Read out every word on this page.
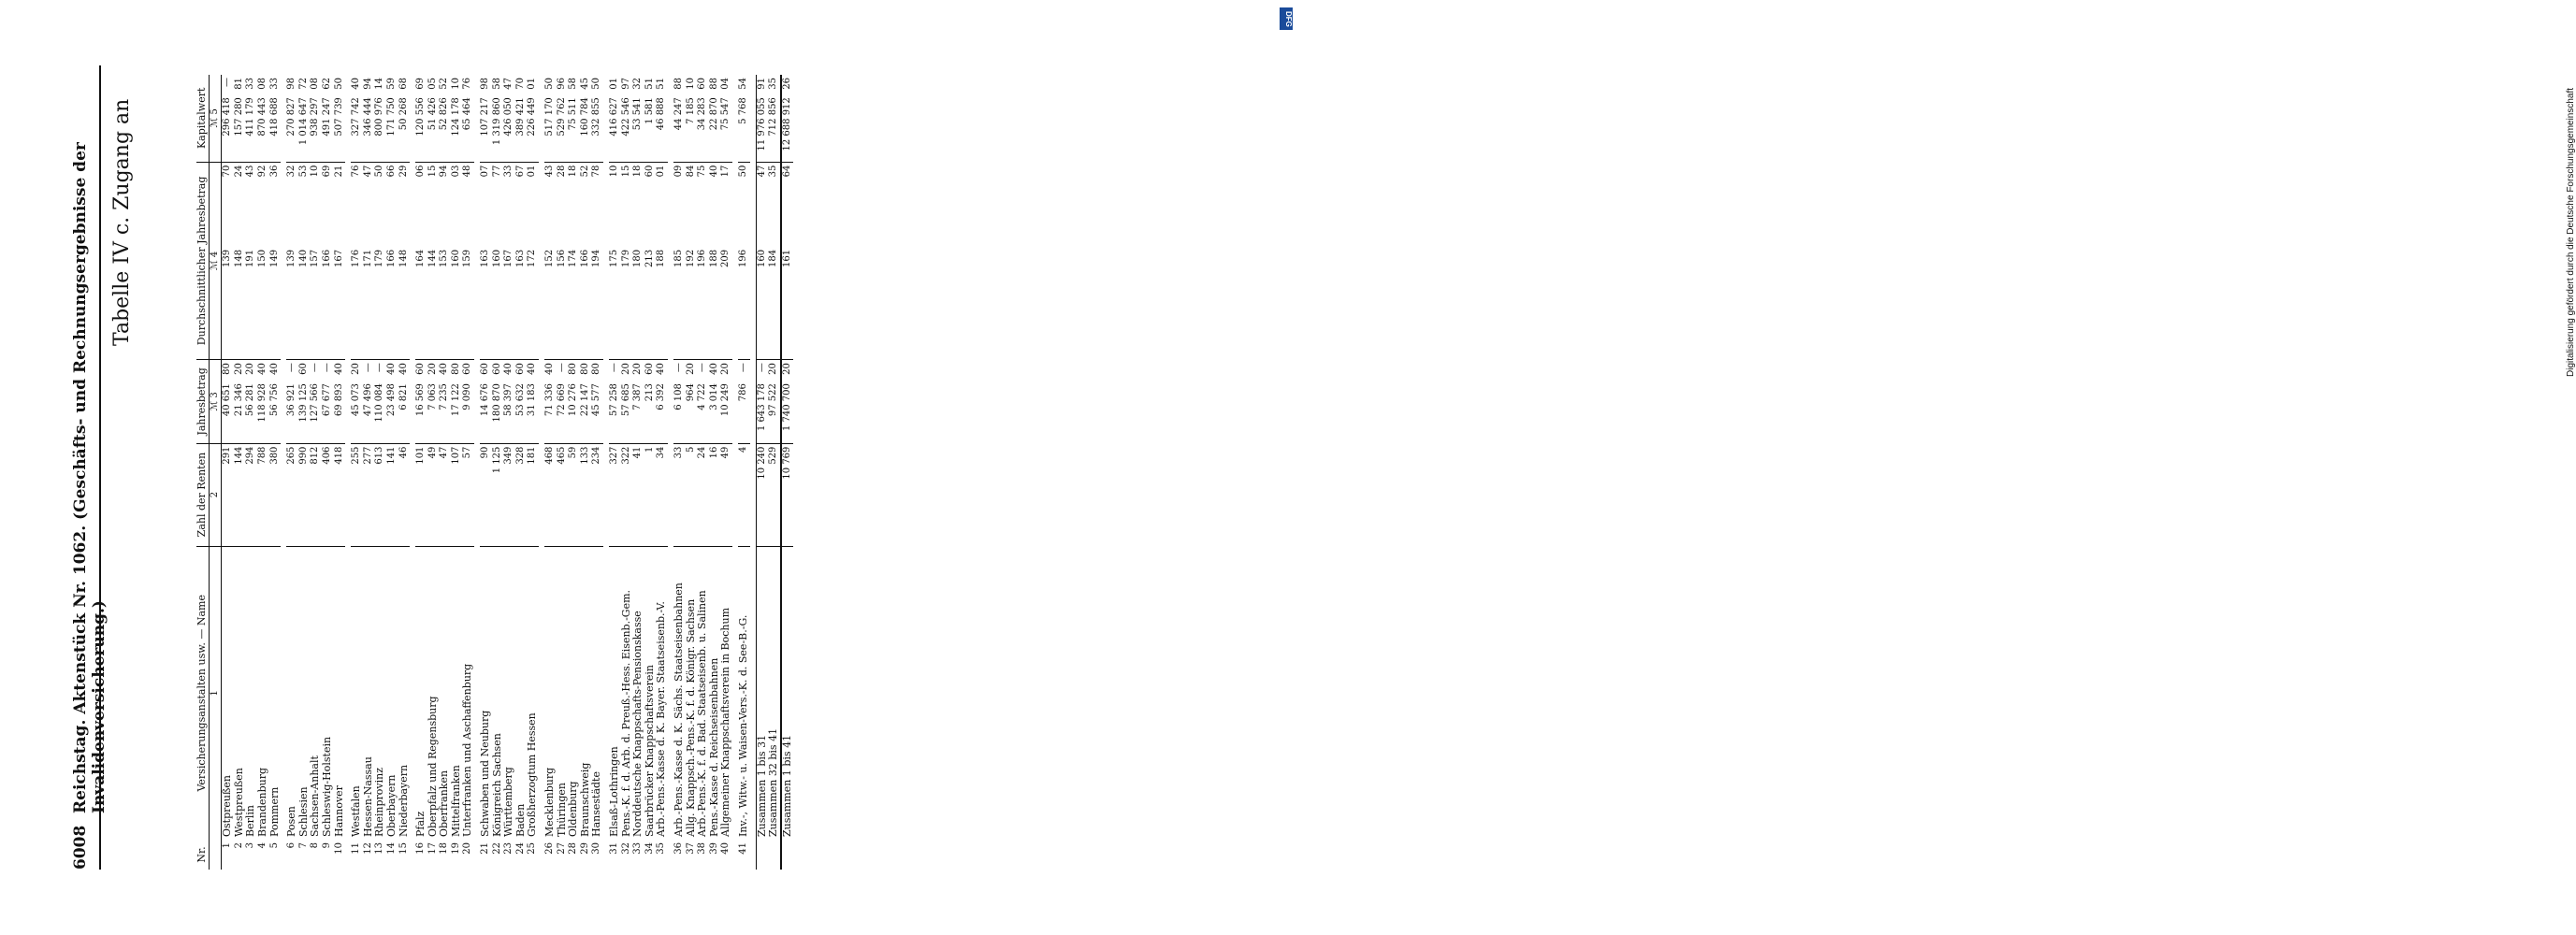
6008
Reichstag. Aktenstück Nr. 1062. (Geschäfts- und Rechnungsergebnisse der Invalidenversicherung.)
Tabelle IV c. Zugang an
Nr.	Versicherungsanstalten usw. — Name	Zahl der Renten	Jahresbetrag		Durchschnittlicher Jahresbetrag		Kapitalwert	
	1	2	ℳ 3		ℳ 4		ℳ 5	
1	Ostpreußen	291	40 651	80	139	70	296 418	—
2	Westpreußen	144	21 346	20	148	24	157 280	81
3	Berlin	294	56 281	20	191	43	411 179	33
4	Brandenburg	788	118 928	40	150	92	870 443	08
5	Pommern	380	56 756	40	149	36	418 688	33

6	Posen	265	36 921	—	139	32	270 827	98
7	Schlesien	990	139 125	60	140	53	1 014 647	72
8	Sachsen-Anhalt	812	127 566	—	157	10	938 297	08
9	Schleswig-Holstein	406	67 677	—	166	69	491 247	62
10	Hannover	418	69 893	40	167	21	507 739	50

11	Westfalen	255	45 073	20	176	76	327 742	40
12	Hessen-Nassau	277	47 496	—	171	47	346 444	94
13	Rheinprovinz	613	110 084	—	179	50	800 976	14
14	Oberbayern	141	23 498	40	166	66	171 750	59
15	Niederbayern	46	6 821	40	148	29	50 268	68

16	Pfalz	101	16 569	60	164	06	120 556	69
17	Oberpfalz und Regensburg	49	7 063	20	144	15	51 426	05
18	Oberfranken	47	7 235	40	153	94	52 826	52
19	Mittelfranken	107	17 122	80	160	03	124 178	10
20	Unterfranken und Aschaffenburg	57	9 090	60	159	48	65 464	76

21	Schwaben und Neuburg	90	14 676	60	163	07	107 217	98
22	Königreich Sachsen	1 125	180 870	60	160	77	1 319 860	58
23	Württemberg	349	58 397	40	167	33	426 050	47
24	Baden	328	53 632	60	163	67	389 421	70
25	Großherzogtum Hessen	181	31 183	40	172	01	226 449	01

26	Mecklenburg	468	71 336	40	152	43	517 170	50
27	Thüringen	465	72 669	—	156	28	529 762	96
28	Oldenburg	59	10 276	80	174	18	75 511	58
29	Braunschweig	133	22 147	80	166	52	160 784	45
30	Hansestädte	234	45 577	80	194	78	332 855	50

31	Elsaß-Lothringen	327	57 258	—	175	10	416 627	01
32	Pens.-K. f. d. Arb. d. Preuß.-Hess. Eisenb.-Gem.	322	57 685	20	179	15	422 546	97
33	Norddeutsche Knappschafts-Pensionskasse	41	7 387	20	180	18	53 541	32
34	Saarbrücker Knappschaftsverein	1	213	60	213	60	1 581	51
35	Arb.-Pens.-Kasse d. K. Bayer. Staatseisenb.-V.	34	6 392	40	188	01	46 888	51

36	Arb.-Pens.-Kasse d. K. Sächs. Staatseisenbahnen	33	6 108	—	185	09	44 247	88
37	Allg. Knappsch.-Pens.-K. f. d. Königr. Sachsen	5	964	20	192	84	7 185	10
38	Arb.-Pens.-K. f. d. Bad. Staatseisenb. u. Salinen	24	4 722	—	196	75	34 283	60
39	Pens.-Kasse d. Reichseisenbahnen	16	3 014	40	188	40	22 870	88
40	Allgemeiner Knappschaftsverein in Bochum	49	10 249	20	209	17	75 547	04

41	Inv.-, Witw.- u. Waisen-Vers.-K. d. See-B.-G.	4	786	—	196	50	5 768	54

	Zusammen 1 bis 31	10 240	1 643 178	—	160	47	11 976 055	91
	Zusammen 32 bis 41	529	97 522	20	184	35	712 856	35
	Zusammen 1 bis 41	10 769	1 740 700	20	161	64	12 688 912	26
DFG
Digitalisierung gefördert durch die Deutsche Forschungsgemeinschaft
